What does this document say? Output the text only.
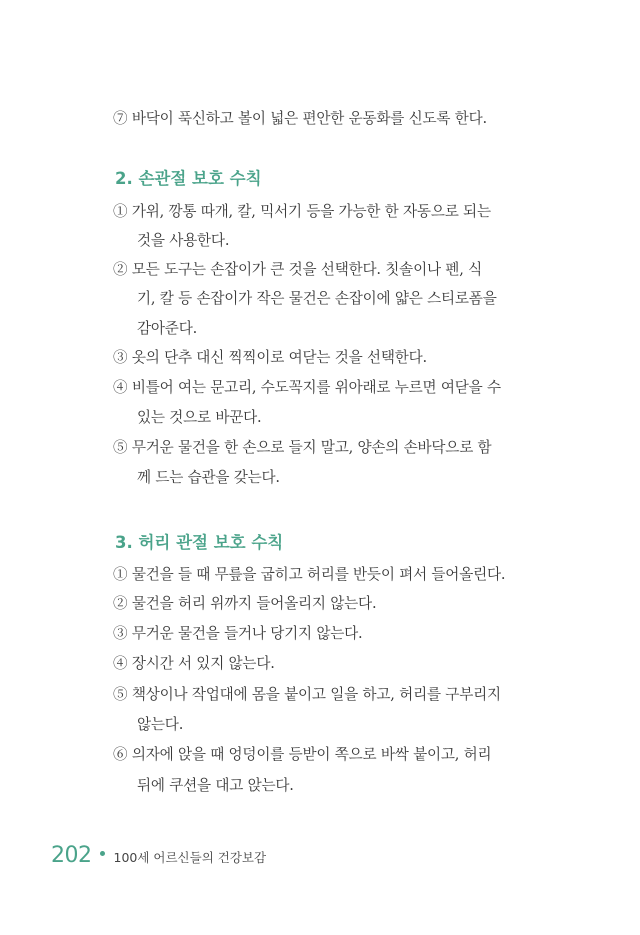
⑦ 바닥이 푹신하고 볼이 넓은 편안한 운동화를 신도록 한다.
2. 손관절 보호 수칙
① 가위, 깡통 따개, 칼, 믹서기 등을 가능한 한 자동으로 되는
것을 사용한다.
② 모든 도구는 손잡이가 큰 것을 선택한다. 칫솔이나 펜, 식
기, 칼 등 손잡이가 작은 물건은 손잡이에 얇은 스티로폼을
감아준다.
③ 옷의 단추 대신 찍찍이로 여닫는 것을 선택한다.
④ 비틀어 여는 문고리, 수도꼭지를 위아래로 누르면 여닫을 수
있는 것으로 바꾼다.
⑤ 무거운 물건을 한 손으로 들지 말고, 양손의 손바닥으로 함
께 드는 습관을 갖는다.
3. 허리 관절 보호 수칙
① 물건을 들 때 무릎을 굽히고 허리를 반듯이 펴서 들어올린다.
② 물건을 허리 위까지 들어올리지 않는다.
③ 무거운 물건을 들거나 당기지 않는다.
④ 장시간 서 있지 않는다.
⑤ 책상이나 작업대에 몸을 붙이고 일을 하고, 허리를 구부리지
않는다.
⑥ 의자에 앉을 때 엉덩이를 등받이 쪽으로 바싹 붙이고, 허리
뒤에 쿠션을 대고 앉는다.
202 100세 어르신들의 건강보감
